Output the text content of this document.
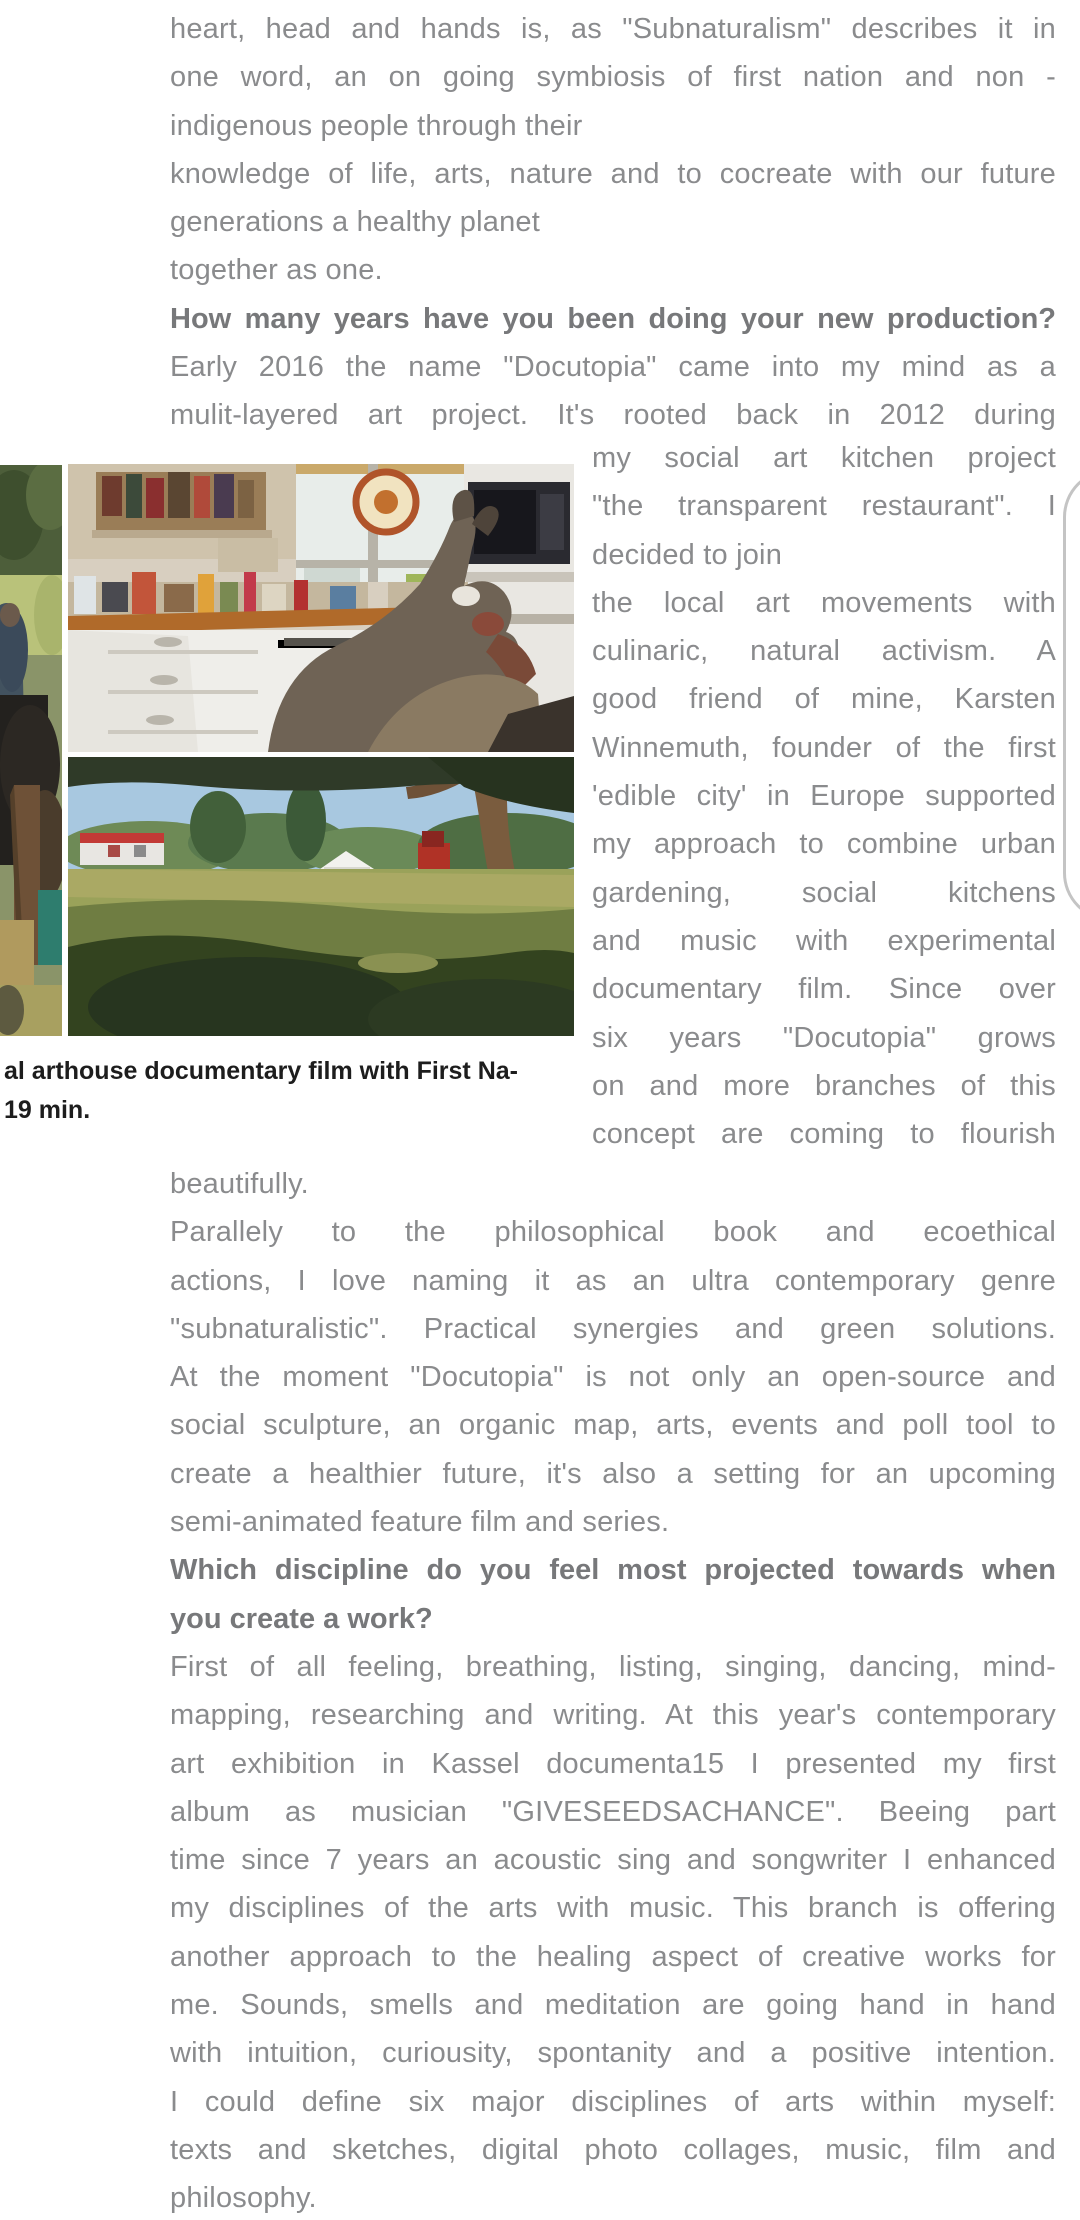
heart, head and hands is, as "Subnaturalism" describes it in
one word, an on going symbiosis of first nation and non -
indigenous people through their
knowledge of life, arts, nature and to cocreate with our future
generations a healthy planet
together as one.
How many years have you been doing your new production?
Early 2016 the name "Docutopia" came into my mind as a
mulit-layered art project. It's rooted back in 2012 during
al arthouse documentary film with First Na-
19 min.
my social art kitchen project
"the transparent restaurant". I
decided to join
the local art movements with
culinaric, natural activism. A
good friend of mine, Karsten
Winnemuth, founder of the first
'edible city' in Europe supported
my approach to combine urban
gardening, social kitchens
and music with experimental
documentary film. Since over
six years "Docutopia" grows
on and more branches of this
concept are coming to flourish
beautifully.
Parallely to the philosophical book and ecoethical
actions, I love naming it as an ultra contemporary genre
"subnaturalistic". Practical synergies and green solutions.
At the moment "Docutopia" is not only an open-source and
social sculpture, an organic map, arts, events and poll tool to
create a healthier future, it's also a setting for an upcoming
semi-animated feature film and series.
Which discipline do you feel most projected towards when
you create a work?
First of all feeling, breathing, listing, singing, dancing, mind-
mapping, researching and writing. At this year's contemporary
art exhibition in Kassel documenta15 I presented my first
album as musician "GIVESEEDSACHANCE". Beeing part
time since 7 years an acoustic sing and songwriter I enhanced
my disciplines of the arts with music. This branch is offering
another approach to the healing aspect of creative works for
me. Sounds, smells and meditation are going hand in hand
with intuition, curiousity, spontanity and a positive intention.
I could define six major disciplines of arts within myself:
texts and sketches, digital photo collages, music, film and
philosophy.
